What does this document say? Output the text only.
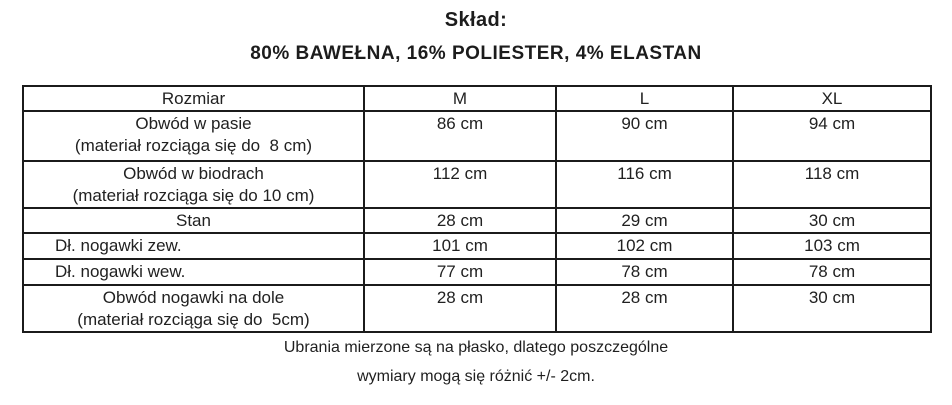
Skład:
80% BAWEŁNA, 16% POLIESTER, 4% ELASTAN
Rozmiar	M	L	XL

Obwód w pasie
(materiał rozciąga się do  8 cm)	86 cm	90 cm	94 cm

Obwód w biodrach
(materiał rozciąga się do 10 cm)	112 cm	116 cm	118 cm

Stan	28 cm	29 cm	30 cm

Dł. nogawki zew.	101 cm	102 cm	103 cm

Dł. nogawki wew.	77 cm	78 cm	78 cm

Obwód nogawki na dole
(materiał rozciąga się do  5cm)	28 cm	28 cm	30 cm
Ubrania mierzone są na płasko, dlatego poszczególne
wymiary mogą się różnić +/- 2cm.
